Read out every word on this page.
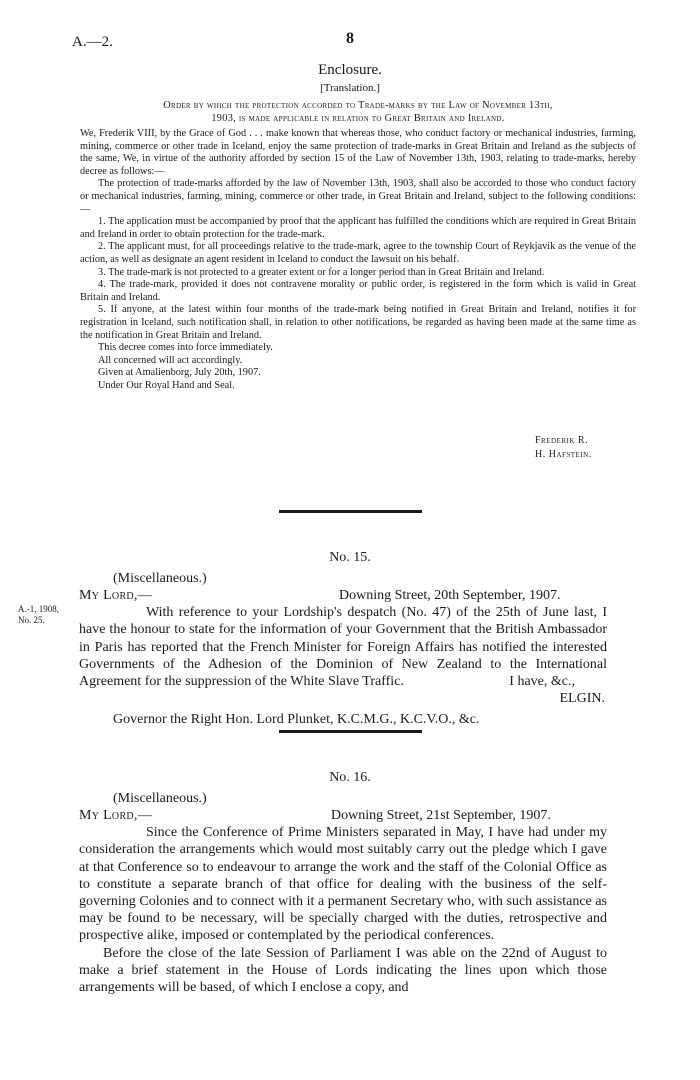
A.—2.	8
Enclosure.
[Translation.]

Order by which the protection accorded to Trade-marks by the Law of November 13th,

1903, is made applicable in relation to Great Britain and Ireland.

We, Frederik VIII, by the Grace of God . . . make known that whereas those, who conduct factory or mechanical industries, farming, mining, commerce or other trade in Iceland, enjoy the same protection of trade-marks in Great Britain and Ireland as the subjects of the same, We, in virtue of the authority afforded by section 15 of the Law of November 13th, 1903, relating to trade-marks, hereby decree as follows:—

The protection of trade-marks afforded by the law of November 13th, 1903, shall also be accorded to those who conduct factory or mechanical industries, farming, mining, commerce or other trade, in Great Britain and Ireland, subject to the following conditions:—

1. The application must be accompanied by proof that the applicant has fulfilled the conditions which are required in Great Britain and Ireland in order to obtain protection for the trade-mark.

2. The applicant must, for all proceedings relative to the trade-mark, agree to the township Court of Reykjavik as the venue of the action, as well as designate an agent resident in Iceland to conduct the lawsuit on his behalf.

3. The trade-mark is not protected to a greater extent or for a longer period than in Great Britain and Ireland.

4. The trade-mark, provided it does not contravene morality or public order, is registered in the form which is valid in Great Britain and Ireland.

5. If anyone, at the latest within four months of the trade-mark being notified in Great Britain and Ireland, notifies it for registration in Iceland, such notification shall, in relation to other notifications, be regarded as having been made at the same time as the notification in Great Britain and Ireland.

This decree comes into force immediately.

All concerned will act accordingly.

Given at Amalienborg, July 20th, 1907.

Under Our Royal Hand and Seal.

Frederik R.
H. Hafstein.
No. 15.

(Miscellaneous.)

My Lord,—	Downing Street, 20th September, 1907.

With reference to your Lordship's despatch (No. 47) of the 25th of June last, I have the honour to state for the information of your Government that the British Ambassador in Paris has reported that the French Minister for Foreign Affairs has notified the interested Governments of the Adhesion of the Dominion of New Zealand to the International Agreement for the suppression of the White Slave Traffic.	I have, &c.,

ELGIN.

Governor the Right Hon. Lord Plunket, K.C.M.G., K.C.V.O., &c.

A.-1, 1908,
No. 25.
No. 16.

(Miscellaneous.)

My Lord,—	Downing Street, 21st September, 1907.

Since the Conference of Prime Ministers separated in May, I have had under my consideration the arrangements which would most suitably carry out the pledge which I gave at that Conference so to endeavour to arrange the work and the staff of the Colonial Office as to constitute a separate branch of that office for dealing with the business of the self-governing Colonies and to connect with it a permanent Secretary who, with such assistance as may be found to be necessary, will be specially charged with the duties, retrospective and prospective alike, imposed or contemplated by the periodical conferences.

Before the close of the late Session of Parliament I was able on the 22nd of August to make a brief statement in the House of Lords indicating the lines upon which those arrangements will be based, of which I enclose a copy, and
